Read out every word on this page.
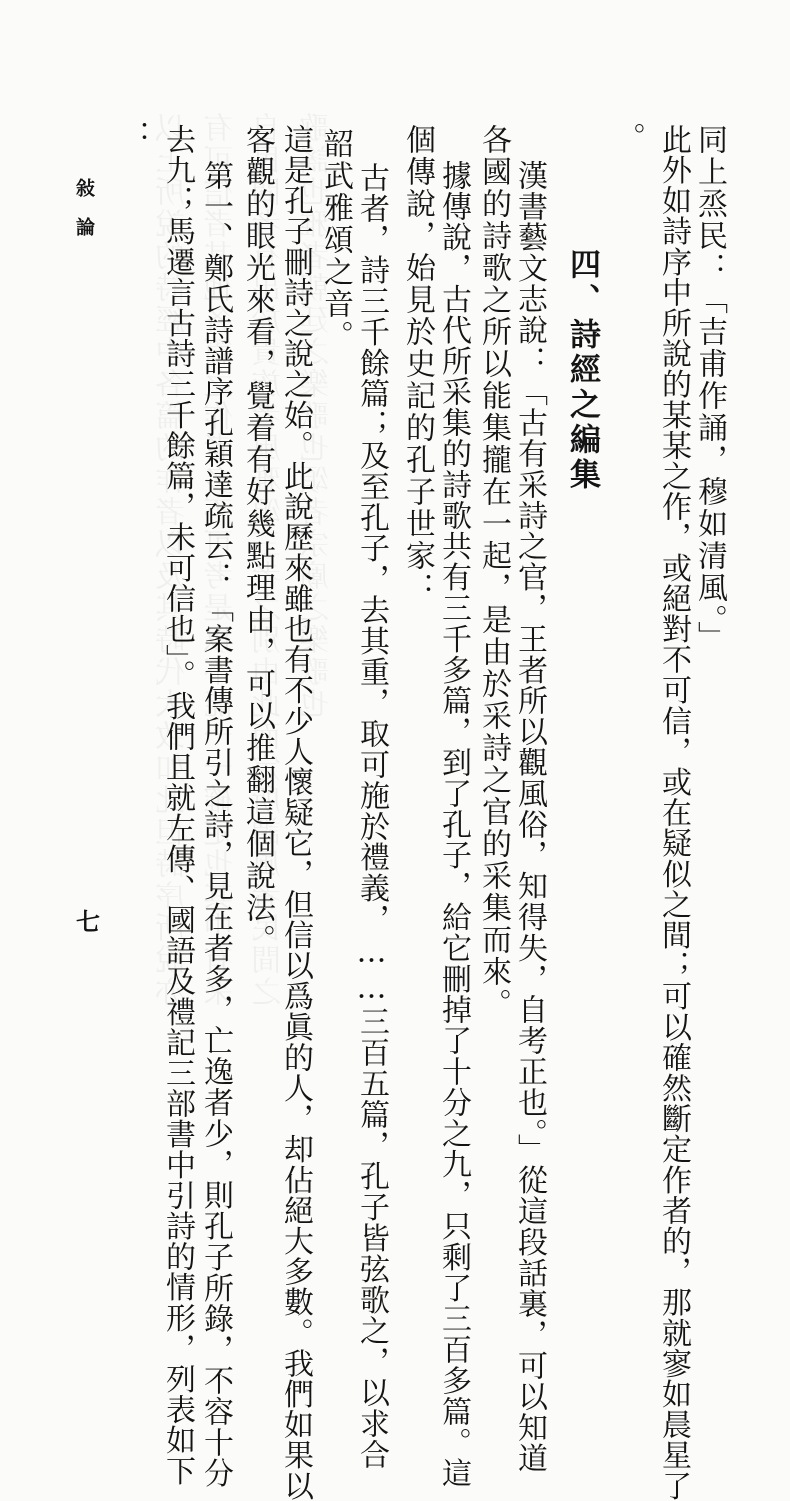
同上烝民：「吉甫作誦，穆如清風。」
此外如詩序中所說的某某之作，或絕對不可信，或在疑似之間；可以確然斷定作者的，那就寥如晨星了
。
四、詩經之編集
漢書藝文志說：「古有采詩之官，王者所以觀風俗，知得失，自考正也。」從這段話裏，可以知道
各國的詩歌之所以能集攏在一起，是由於采詩之官的采集而來。
據傳說，古代所采集的詩歌共有三千多篇，到了孔子，給它刪掉了十分之九，只剩了三百多篇。這
個傳說，始見於史記的孔子世家：
古者，詩三千餘篇；及至孔子，去其重，取可施於禮義，……三百五篇，孔子皆弦歌之，以求合
韶武雅頌之音。
這是孔子刪詩之說之始。此說歷來雖也有不少人懷疑它，但信以爲眞的人，却佔絕大多數。我們如果以
客觀的眼光來看，覺着有好幾點理由，可以推翻這個說法。
第一、鄭氏詩譜序孔穎達疏云：「案書傳所引之詩，見在者多，亡逸者少，則孔子所錄，不容十分
去九；馬遷言古詩三千餘篇，未可信也」。我們且就左傳、國語及禮記三部書中引詩的情形，列表如下
：
敍論
七
